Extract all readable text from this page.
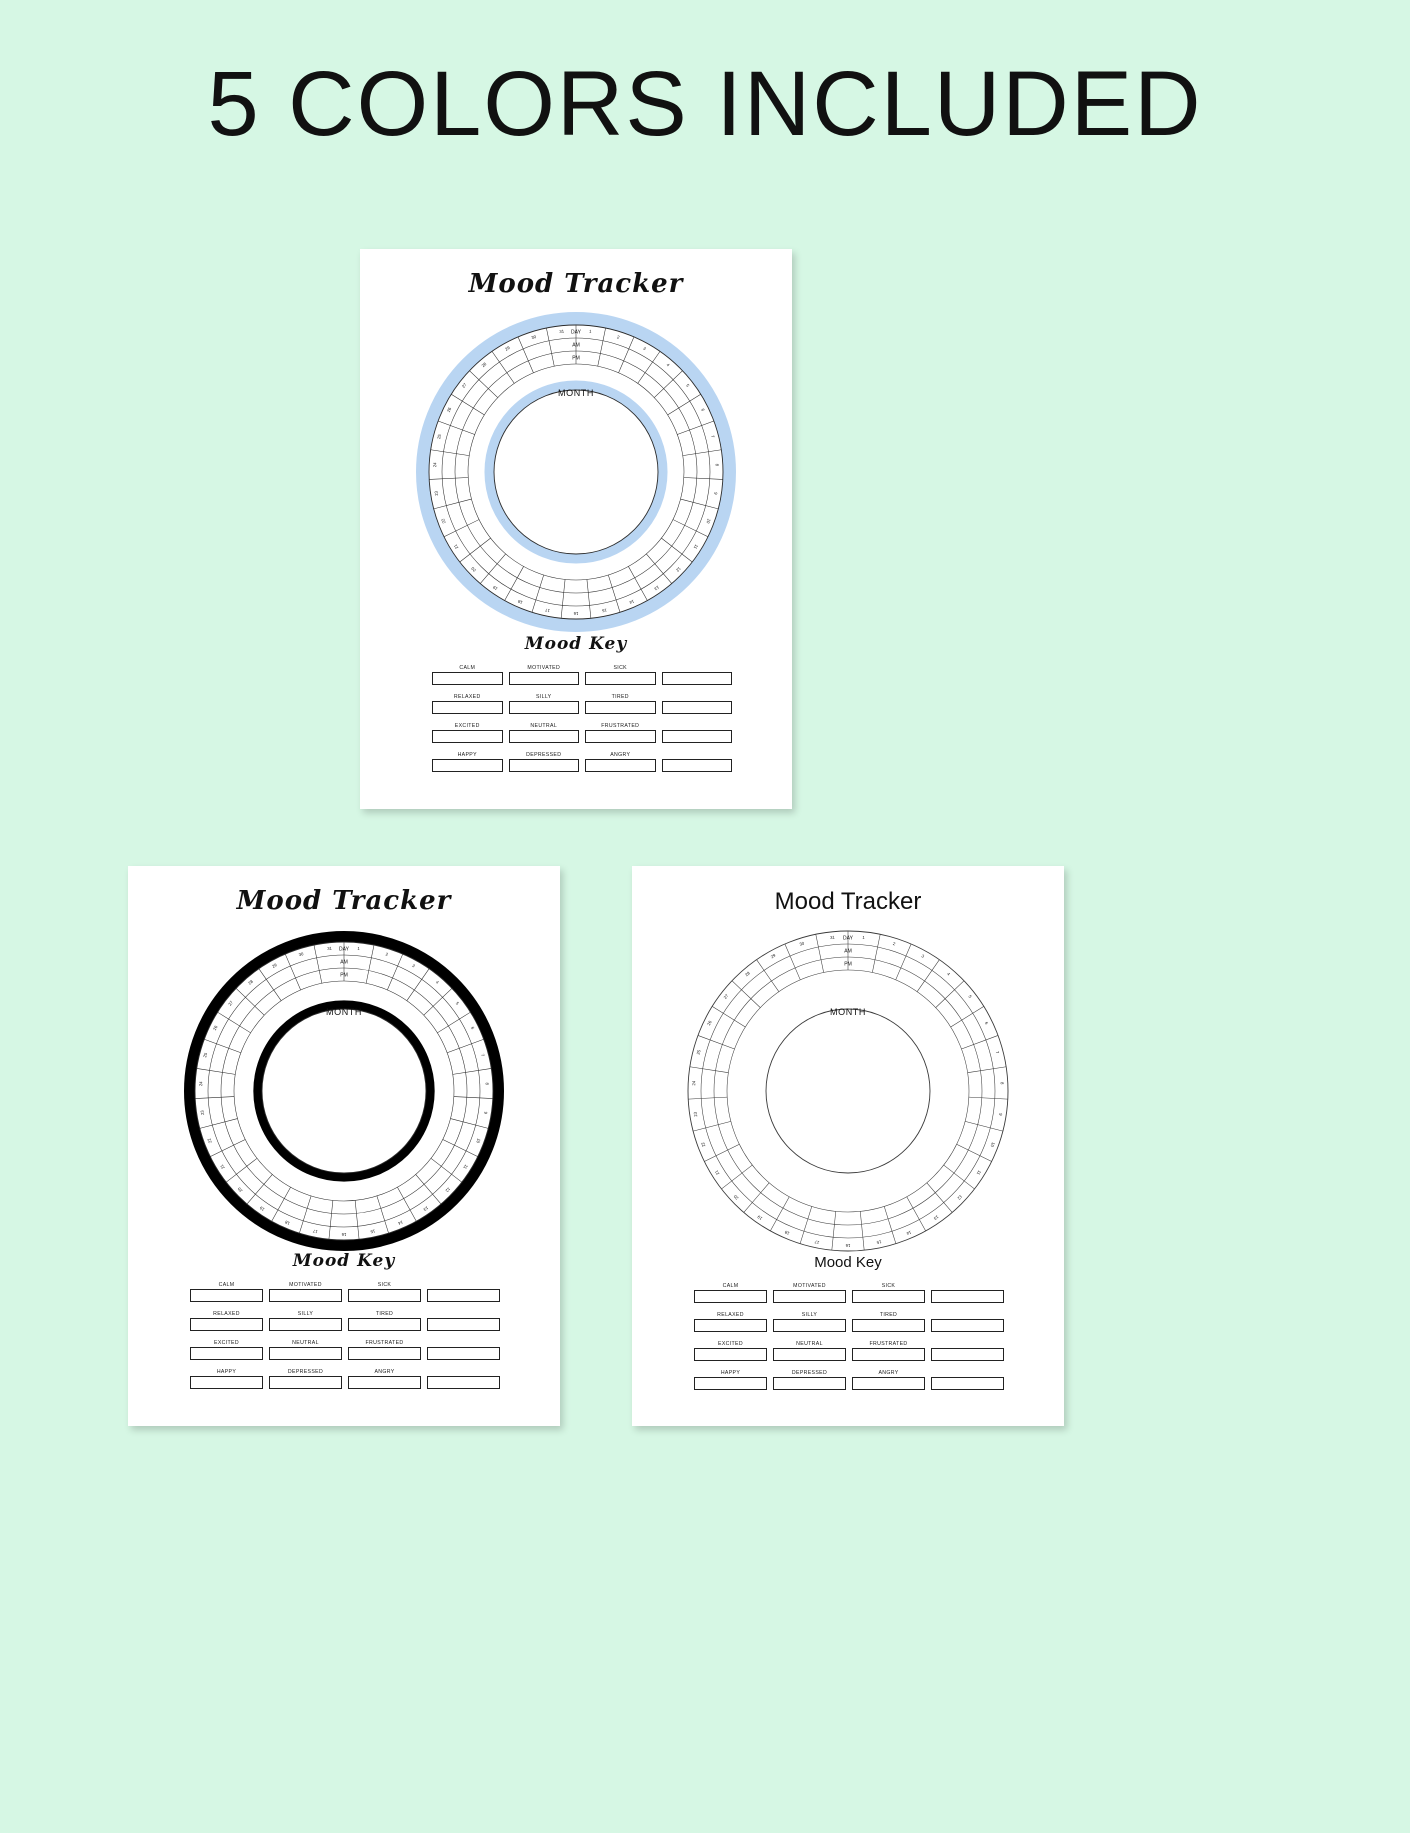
5 COLORS INCLUDED
Mood Tracker
1
2
3
4
5
6
7
8
9
10
11
12
13
14
15
16
17
18
19
20
21
22
23
24
25
26
27
28
29
30
31 DAY
AM
PM
MONTH
Mood Key
CALM	MOTIVATED	SICK
RELAXED	SILLY	TIRED
EXCITED	NEUTRAL	FRUSTRATED
HAPPY	DEPRESSED	ANGRY
Mood Tracker
1
2
3
4
5
6
7
8
9
10
11
12
13
14
15
16
17
18
19
20
21
22
23
24
25
26
27
28
29
30
31 DAY
AM
PM
MONTH
Mood Key
CALM	MOTIVATED	SICK
RELAXED	SILLY	TIRED
EXCITED	NEUTRAL	FRUSTRATED
HAPPY	DEPRESSED	ANGRY
Mood Tracker
1
2
3
4
5
6
7
8
9
10
11
12
13
14
15
16
17
18
19
20
21
22
23
24
25
26
27
28
29
30
31 DAY
AM
PM
MONTH
Mood Key
CALM	MOTIVATED	SICK
RELAXED	SILLY	TIRED
EXCITED	NEUTRAL	FRUSTRATED
HAPPY	DEPRESSED	ANGRY
